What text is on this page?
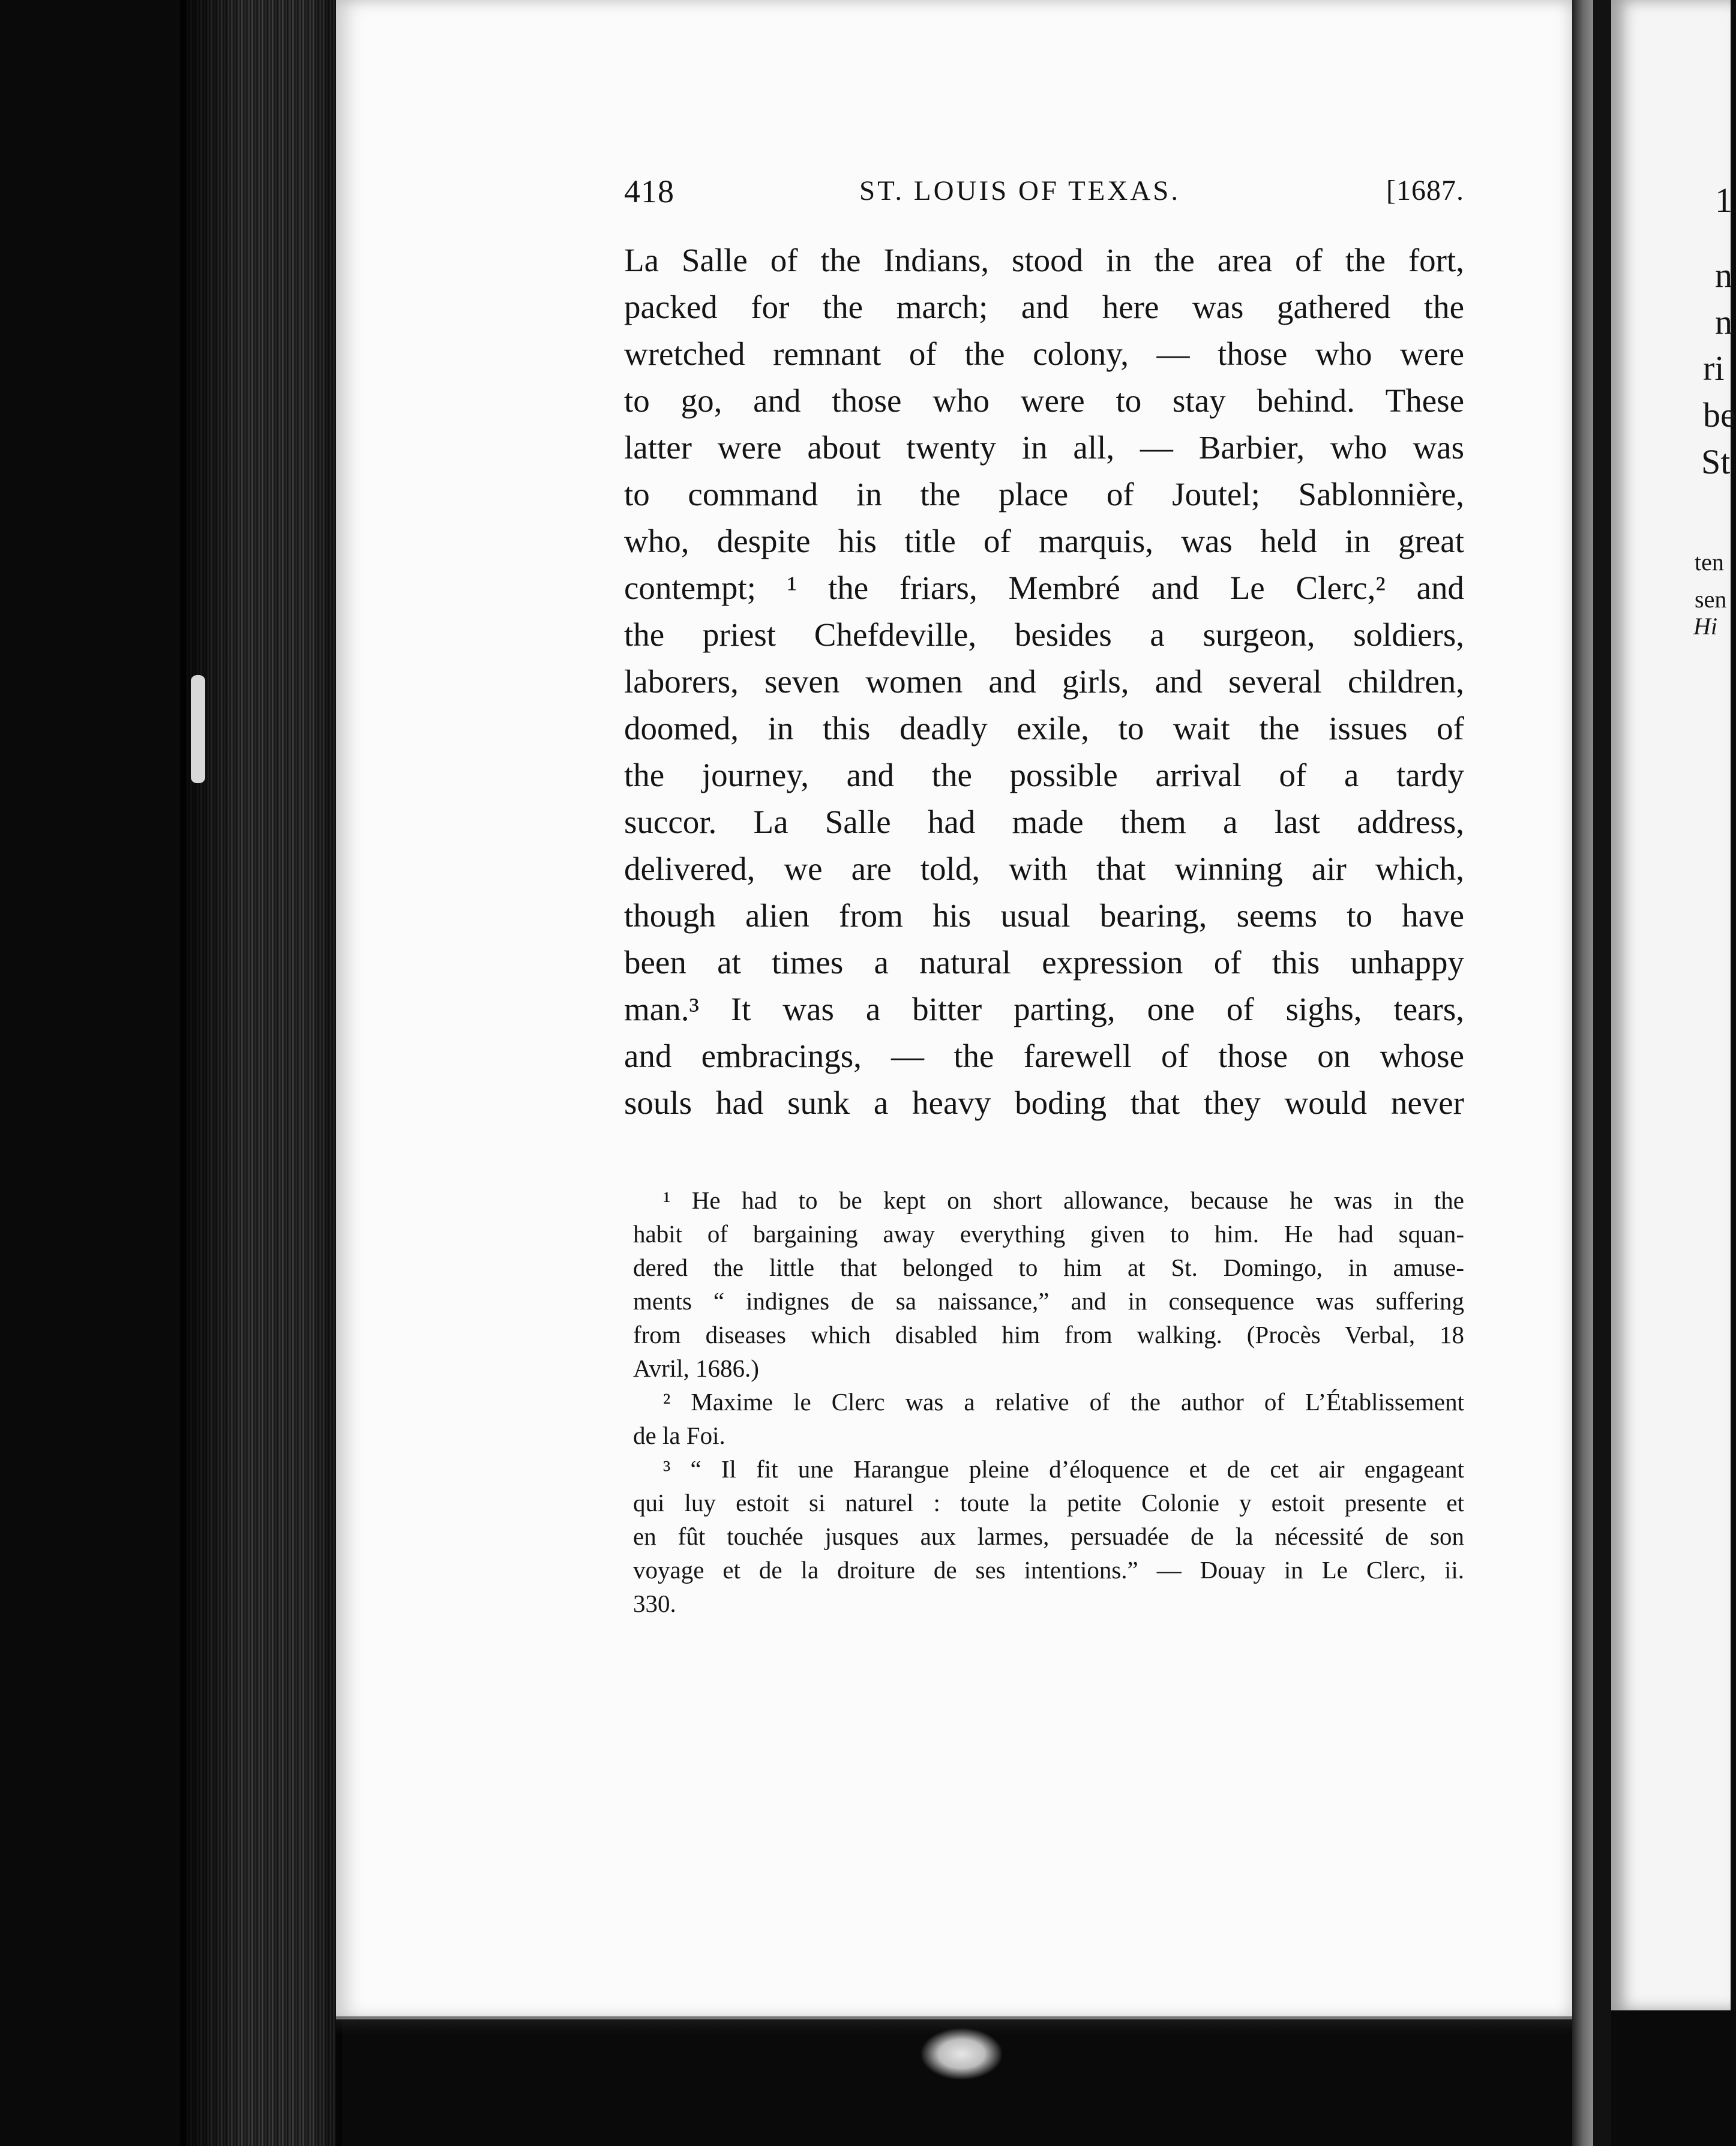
1
n
n
ri
be
St
ten
sen
Hi
418	ST. LOUIS OF TEXAS.	[1687.
La Salle of the Indians, stood in the area of the fort,
packed for the march; and here was gathered the
wretched remnant of the colony, — those who were
to go, and those who were to stay behind. These
latter were about twenty in all, — Barbier, who was
to command in the place of Joutel; Sablonnière,
who, despite his title of marquis, was held in great
contempt; ¹ the friars, Membré and Le Clerc,² and
the priest Chefdeville, besides a surgeon, soldiers,
laborers, seven women and girls, and several children,
doomed, in this deadly exile, to wait the issues of
the journey, and the possible arrival of a tardy
succor. La Salle had made them a last address,
delivered, we are told, with that winning air which,
though alien from his usual bearing, seems to have
been at times a natural expression of this unhappy
man.³ It was a bitter parting, one of sighs, tears,
and embracings, — the farewell of those on whose
souls had sunk a heavy boding that they would never
¹ He had to be kept on short allowance, because he was in the
habit of bargaining away everything given to him. He had squan-
dered the little that belonged to him at St. Domingo, in amuse-
ments “ indignes de sa naissance,” and in consequence was suffering
from diseases which disabled him from walking. (Procès Verbal, 18
Avril, 1686.)
² Maxime le Clerc was a relative of the author of L’Établissement
de la Foi.
³ “ Il fit une Harangue pleine d’éloquence et de cet air engageant
qui luy estoit si naturel : toute la petite Colonie y estoit presente et
en fût touchée jusques aux larmes, persuadée de la nécessité de son
voyage et de la droiture de ses intentions.” — Douay in Le Clerc, ii.
330.
